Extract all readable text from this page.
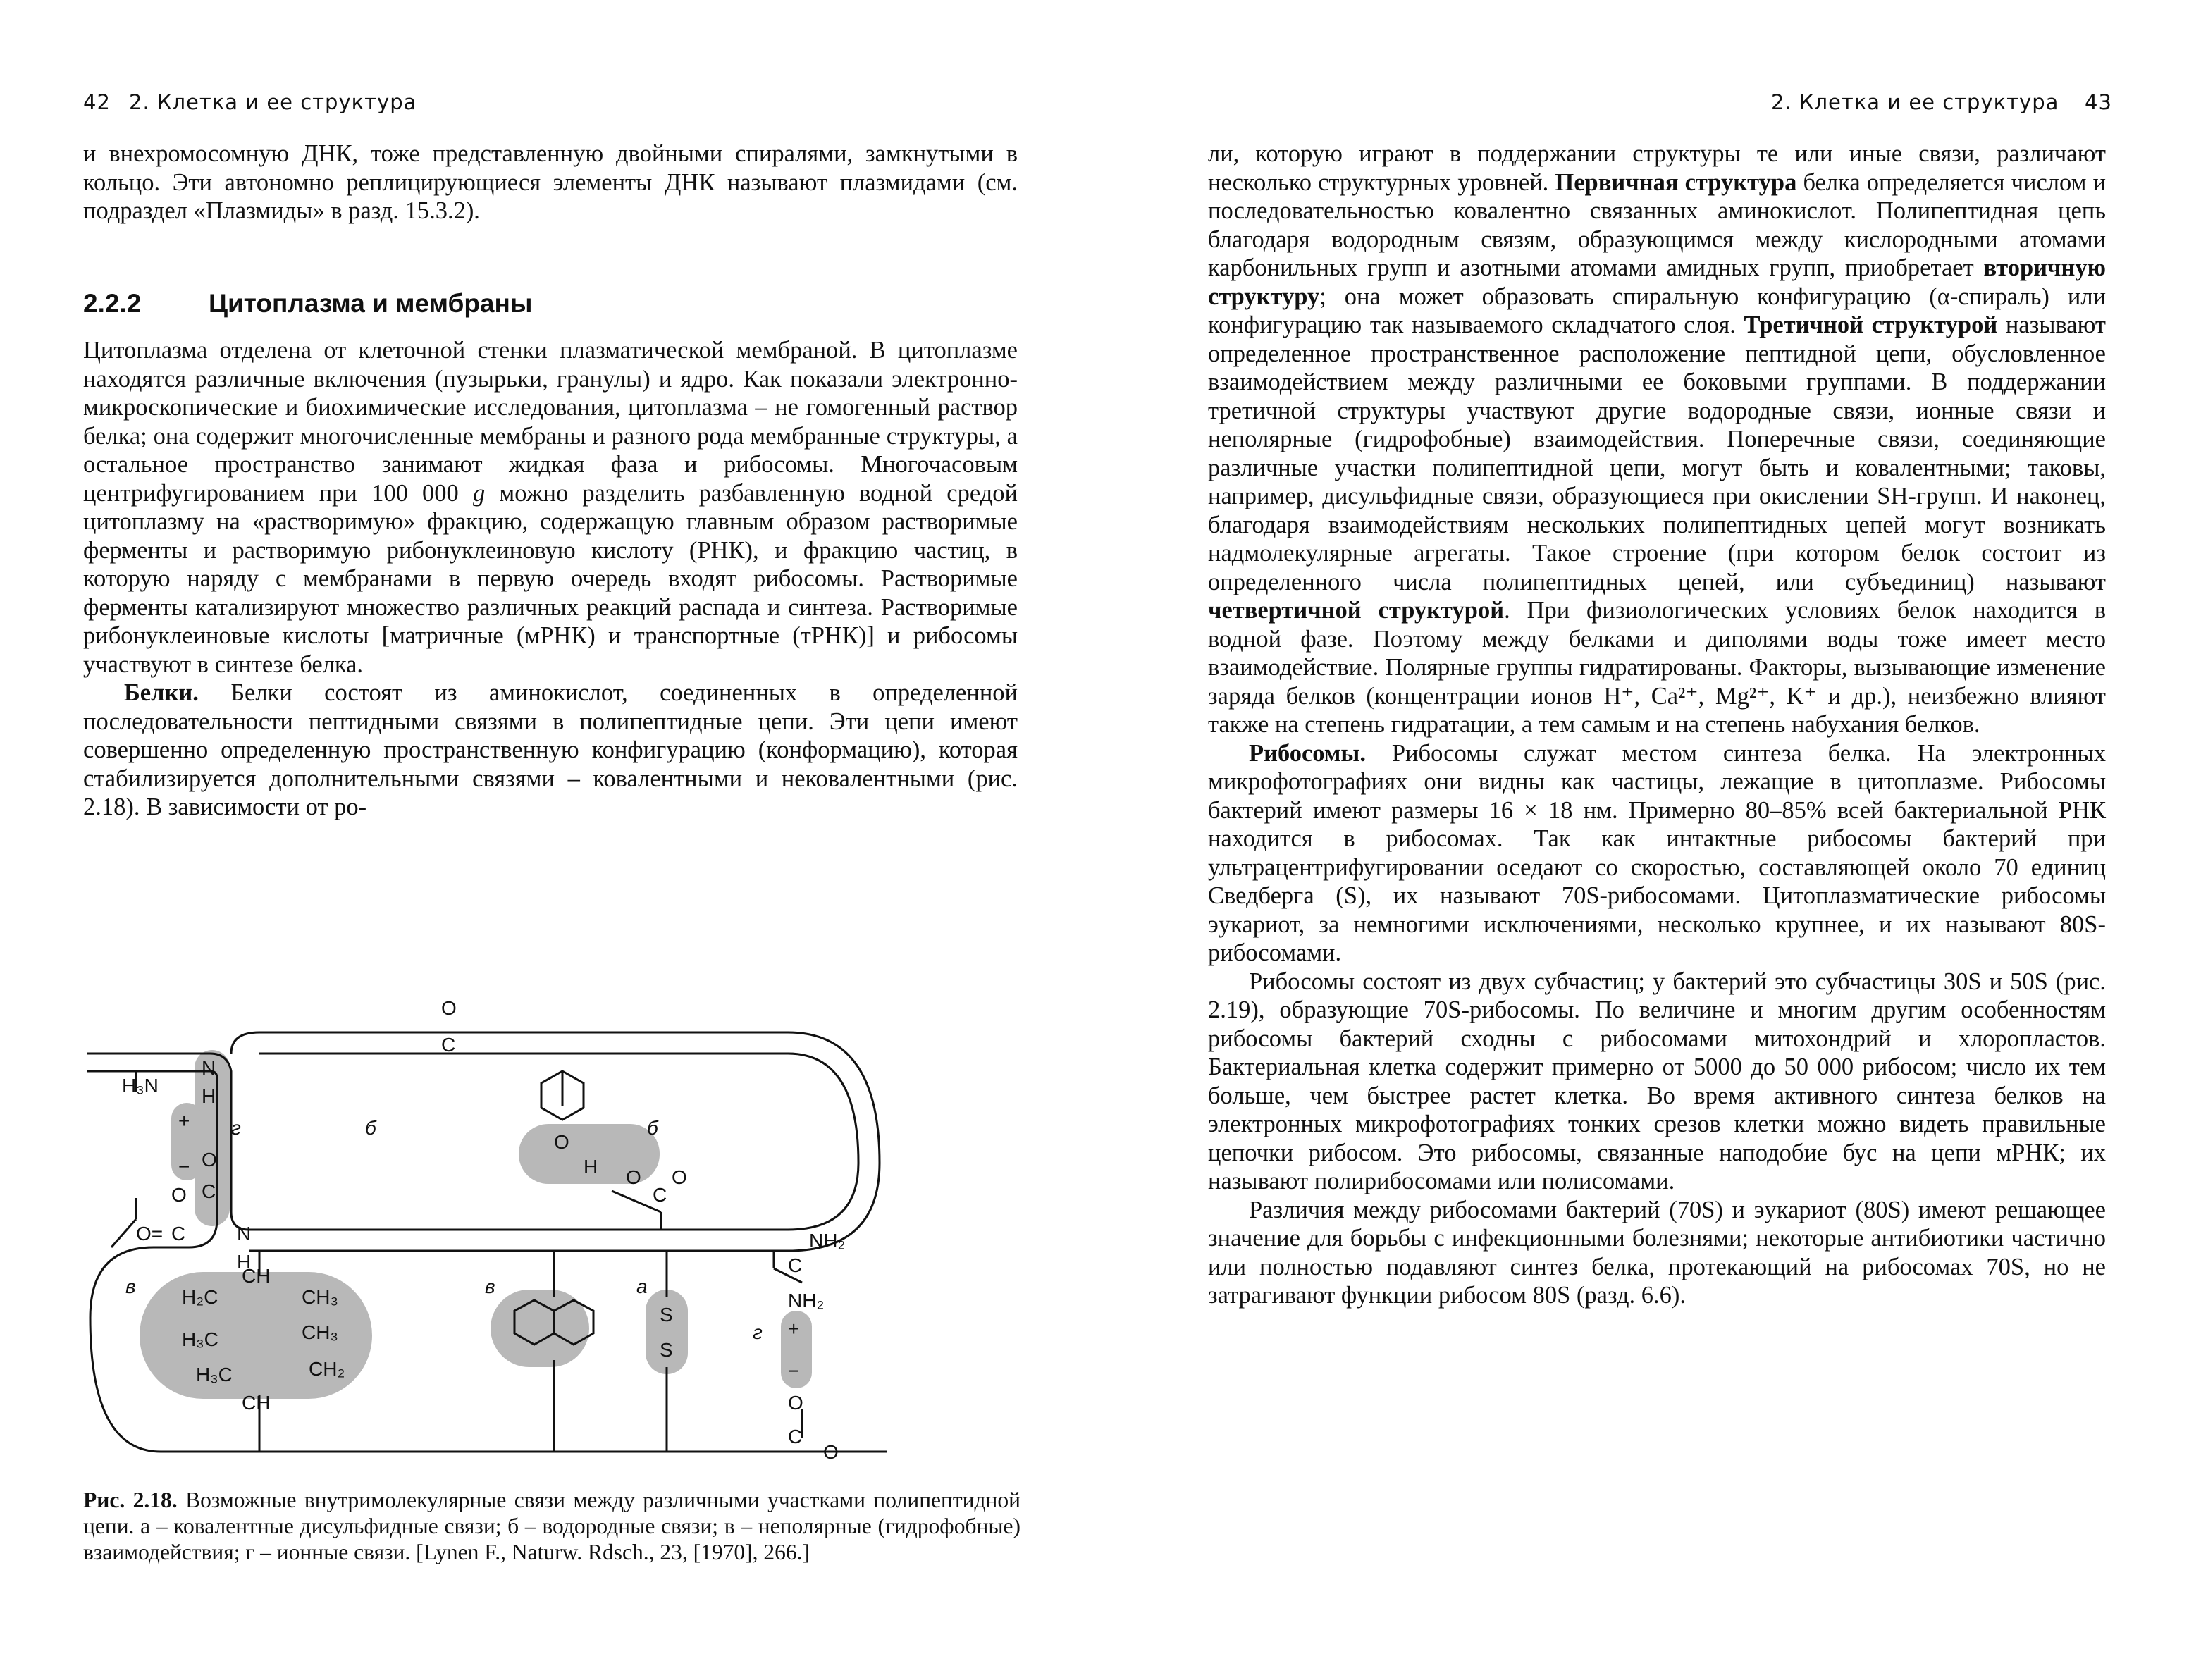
42 2. Клетка и ее структура

и внехромосомную ДНК, тоже представленную двойными спиралями, замкнутыми в кольцо. Эти автономно реплицирующиеся элементы ДНК называют плазмидами (см. подраздел «Плазмиды» в разд. 15.3.2).

2.2.2	Цитоплазма и мембраны

Цитоплазма отделена от клеточной стенки плазматической мембраной. В цитоплазме находятся различные включения (пузырьки, гранулы) и ядро. Как показали электронно-микроскопические и биохимические исследования, цитоплазма – не гомогенный раствор белка; она содержит многочисленные мембраны и разного рода мембранные структуры, а остальное пространство занимают жидкая фаза и рибосомы. Многочасовым центрифугированием при 100 000 g можно разделить разбавленную водной средой цитоплазму на «растворимую» фракцию, содержащую главным образом растворимые ферменты и растворимую рибонуклеиновую кислоту (РНК), и фракцию частиц, в которую наряду с мембранами в первую очередь входят рибосомы. Растворимые ферменты катализируют множество различных реакций распада и синтеза. Растворимые рибонуклеиновые кислоты [матричные (мРНК) и транспортные (тРНК)] и рибосомы участвуют в синтезе белка.

Белки. Белки состоят из аминокислот, соединенных в определенной последовательности пептидными связями в полипептидные цепи. Эти цепи имеют совершенно определенную пространственную конфигурацию (конформацию), которая стабилизируется дополнительными связями – ковалентными и нековалентными (рис. 2.18). В зависимости от ро-

O
C
N
H
O
C
N
H
H₃N
+
−
г	б
O
C
O=
б
O
H O
C
O
NH₂
C
NH₂
+
−
г
O
C
O
в	CH
H₂C	CH₃
H₃C	CH₃
H₃C	CH₂
CH
в	а
S
S
Рис. 2.18. Возможные внутримолекулярные связи между различными участками полипептидной цепи. а – ковалентные дисульфидные связи; б – водородные связи; в – неполярные (гидрофобные) взаимодействия; г – ионные связи. [Lynen F., Naturw. Rdsch., 23, [1970], 266.]
2. Клетка и ее структура 43

ли, которую играют в поддержании структуры те или иные связи, различают несколько структурных уровней. Первичная структура белка определяется числом и последовательностью ковалентно связанных аминокислот. Полипептидная цепь благодаря водородным связям, образующимся между кислородными атомами карбонильных групп и азотными атомами амидных групп, приобретает вторичную структуру; она может образовать спиральную конфигурацию (α-спираль) или конфигурацию так называемого складчатого слоя. Третичной структурой называют определенное пространственное расположение пептидной цепи, обусловленное взаимодействием между различными ее боковыми группами. В поддержании третичной структуры участвуют другие водородные связи, ионные связи и неполярные (гидрофобные) взаимодействия. Поперечные связи, соединяющие различные участки полипептидной цепи, могут быть и ковалентными; таковы, например, дисульфидные связи, образующиеся при окислении SH-групп. И наконец, благодаря взаимодействиям нескольких полипептидных цепей могут возникать надмолекулярные агрегаты. Такое строение (при котором белок состоит из определенного числа полипептидных цепей, или субъединиц) называют четвертичной структурой. При физиологических условиях белок находится в водной фазе. Поэтому между белками и диполями воды тоже имеет место взаимодействие. Полярные группы гидратированы. Факторы, вызывающие изменение заряда белков (концентрации ионов H⁺, Ca²⁺, Mg²⁺, K⁺ и др.), неизбежно влияют также на степень гидратации, а тем самым и на степень набухания белков.

Рибосомы. Рибосомы служат местом синтеза белка. На электронных микрофотографиях они видны как частицы, лежащие в цитоплазме. Рибосомы бактерий имеют размеры 16 × 18 нм. Примерно 80–85% всей бактериальной РНК находится в рибосомах. Так как интактные рибосомы бактерий при ультрацентрифугировании оседают со скоростью, составляющей около 70 единиц Сведберга (S), их называют 70S-рибосомами. Цитоплазматические рибосомы эукариот, за немногими исключениями, несколько крупнее, и их называют 80S-рибосомами.

Рибосомы состоят из двух субчастиц; у бактерий это субчастицы 30S и 50S (рис. 2.19), образующие 70S-рибосомы. По величине и многим другим особенностям рибосомы бактерий сходны с рибосомами митохондрий и хлоропластов. Бактериальная клетка содержит примерно от 5000 до 50 000 рибосом; число их тем больше, чем быстрее растет клетка. Во время активного синтеза белков на электронных микрофотографиях тонких срезов клетки можно видеть правильные цепочки рибосом. Это рибосомы, связанные наподобие бус на цепи мРНК; их называют полирибосомами или полисомами.

Различия между рибосомами бактерий (70S) и эукариот (80S) имеют решающее значение для борьбы с инфекционными болезнями; некоторые антибиотики частично или полностью подавляют синтез белка, протекающий на рибосомах 70S, но не затрагивают функции рибосом 80S (разд. 6.6).
